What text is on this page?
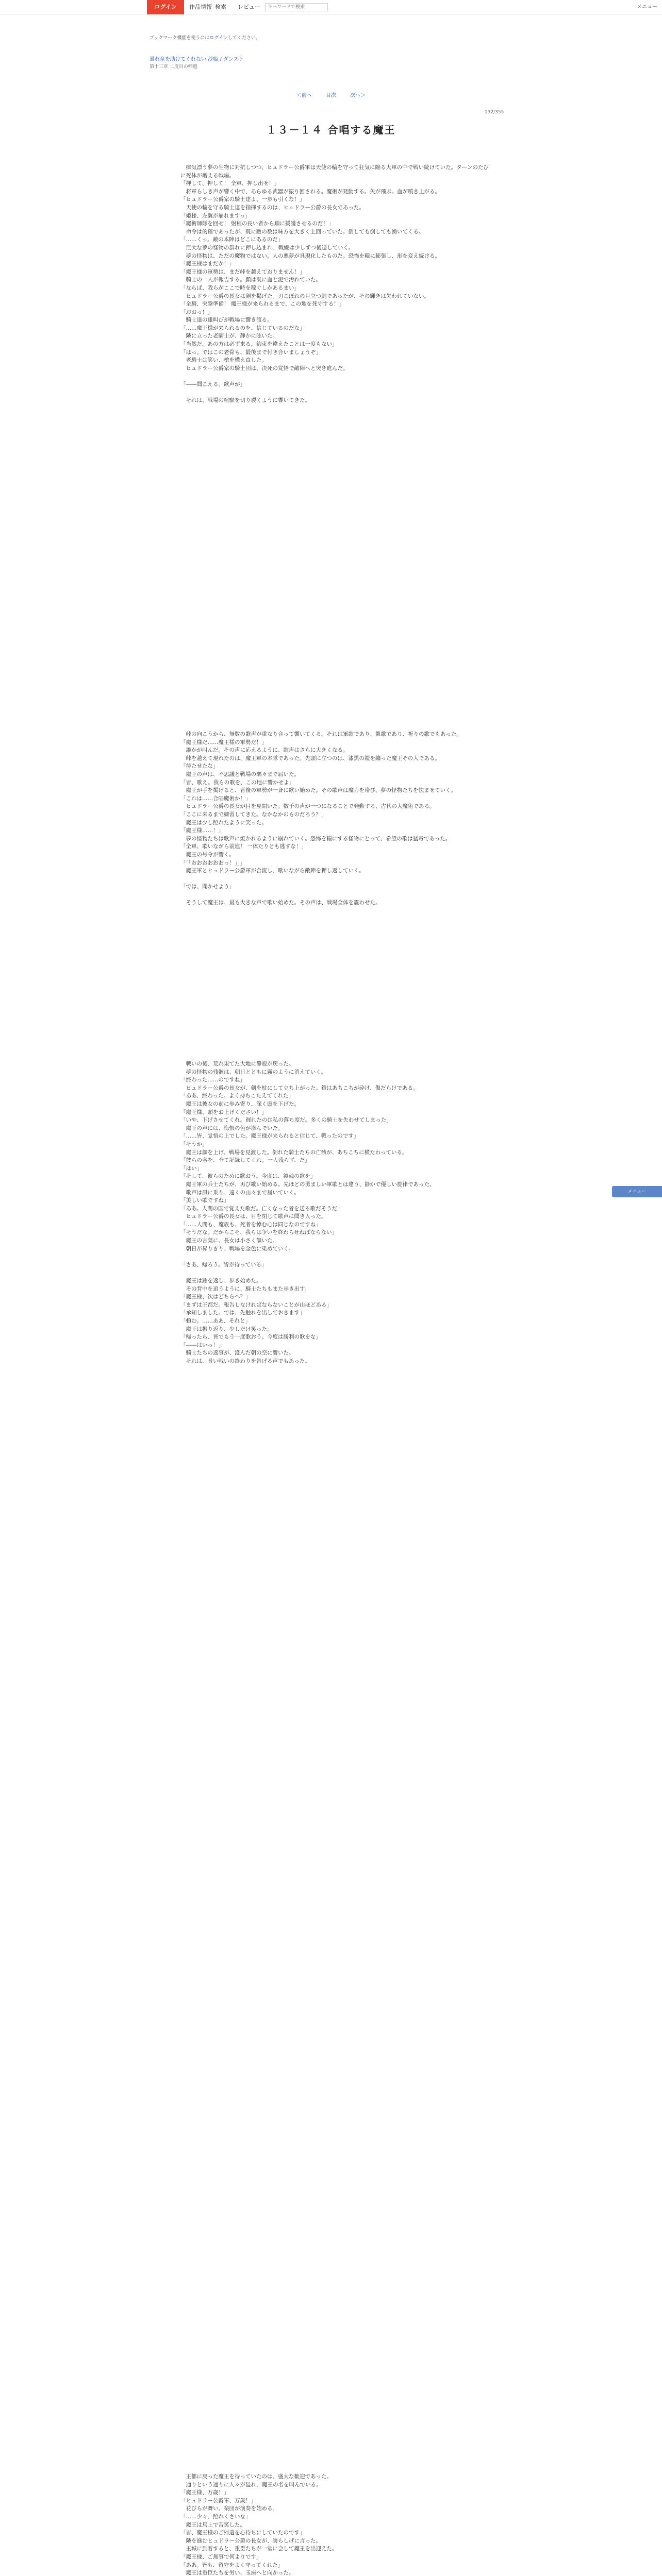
ログイン	作品情報 検索 レビュー
キーワードで検索	メニュー
ブックマーク機能を使うにはログインしてください。
暴れ竜を助けてくれない 沙姫 / ダンスト
第十三章 二度目の帰還
＜前へ	目次	次へ＞
132/355
１３－１４ 合唱する魔王

　瘴気漂う夢の生物に対抗しつつ、ヒュドラー公爵軍は天使の輪を守って狂気に陥る大軍の中で戦い続けていた。ターンのたびに死体が増える戦場。

「押して、押して！ 全軍、押し出せ！」

　将軍らしき声が響く中で、あらゆる武器が振り回される。魔術が発動する。矢が飛ぶ。血が噴き上がる。

「ヒュドラー公爵家の騎士達よ、一歩も引くな！」

　天使の輪を守る騎士達を指揮するのは、ヒュドラー公爵の長女であった。

「姫様、左翼が崩れますっ」

「魔術師隊を回せ！ 射程の長い者から順に援護させるのだ！」

　命令は的確であったが、既に敵の数は味方を大きく上回っていた。倒しても倒しても湧いてくる。

「……くっ。敵の本陣はどこにあるのだ」

　巨大な夢の怪物の群れに押し込まれ、戦線は少しずつ後退していく。

　夢の怪物は、ただの魔物ではない。人の悪夢が具現化したものだ。恐怖を糧に膨張し、形を変え続ける。

「魔王様はまだか！」

「魔王様の軍勢は、まだ峠を越えておりません！」

　騎士の一人が報告する。顔は既に血と泥で汚れていた。

「ならば、我らがここで時を稼ぐしかあるまい」

　ヒュドラー公爵の長女は剣を掲げた。刃こぼれの目立つ剣であったが、その輝きは失われていない。

「全騎、突撃準備！ 魔王様が来られるまで、この地を死守する！」

「おおっ！」

　騎士達の雄叫びが戦場に響き渡る。

「……魔王様が来られるのを、信じているのだな」

　隣に立った老騎士が、静かに呟いた。

「当然だ。あの方は必ず来る。約束を違えたことは一度もない」

「はっ。ではこの老骨も、最後まで付き合いましょうぞ」

　老騎士は笑い、槍を構え直した。

　ヒュドラー公爵家の騎士団は、決死の覚悟で敵陣へと突き進んだ。

「――聞こえる。歌声が」

　それは、戦場の喧騒を切り裂くように響いてきた。

　峠の向こうから、無数の歌声が重なり合って響いてくる。それは軍歌であり、凱歌であり、祈りの歌でもあった。

「魔王様だ……魔王様の軍勢だ！」

　誰かが叫んだ。その声に応えるように、歌声はさらに大きくなる。

　峠を越えて現れたのは、魔王軍の本隊であった。先頭に立つのは、漆黒の鎧を纏った魔王その人である。

「待たせたな」

　魔王の声は、不思議と戦場の隅々まで届いた。

「皆、歌え。我らの歌を、この地に響かせよ」

　魔王が手を掲げると、背後の軍勢が一斉に歌い始めた。その歌声は魔力を帯び、夢の怪物たちを怯ませていく。

「これは……合唱魔術か！」

　ヒュドラー公爵の長女が目を見開いた。数千の声が一つになることで発動する、古代の大魔術である。

「ここに来るまで練習してきた。なかなかのものだろう？」

　魔王は少し照れたように笑った。

「魔王様……！」

　夢の怪物たちは歌声に焼かれるように崩れていく。恐怖を糧にする怪物にとって、希望の歌は猛毒であった。

「全軍、歌いながら前進！ 一体たりとも逃すな！」

　魔王の号令が響く。

「「「おおおおおおっ！」」」

　魔王軍とヒュドラー公爵軍が合流し、歌いながら敵陣を押し返していく。

「では、聞かせよう」

　そうして魔王は、最も大きな声で歌い始めた。その声は、戦場全体を震わせた。

　戦いの後、荒れ果てた大地に静寂が戻った。

　夢の怪物の残骸は、朝日とともに霧のように消えていく。

「終わった……のですね」

　ヒュドラー公爵の長女が、剣を杖にして立ち上がった。鎧はあちこちが砕け、傷だらけである。

「ああ、終わった。よく持ちこたえてくれた」

　魔王は彼女の前に歩み寄り、深く頭を下げた。

「魔王様、頭をお上げください！」

「いや、下げさせてくれ。遅れたのは私の落ち度だ。多くの騎士を失わせてしまった」

　魔王の声には、悔恨の色が滲んでいた。

「……皆、覚悟の上でした。魔王様が来られると信じて、戦ったのです」

「そうか」

　魔王は顔を上げ、戦場を見渡した。倒れた騎士たちの亡骸が、あちこちに横たわっている。

「彼らの名を、全て記録してくれ。一人残らず、だ」

「はい」

「そして、彼らのために歌おう。今度は、鎮魂の歌を」

　魔王軍の兵士たちが、再び歌い始める。先ほどの勇ましい軍歌とは違う、静かで優しい旋律であった。

　歌声は風に乗り、遠くの山々まで届いていく。

「美しい歌ですね」

「ああ。人間の国で覚えた歌だ。亡くなった者を送る歌だそうだ」

　ヒュドラー公爵の長女は、目を閉じて歌声に聞き入った。

「……人間も、魔族も、死者を悼む心は同じなのですね」

「そうだな。だからこそ、我らは争いを終わらせねばならない」

　魔王の言葉に、長女は小さく頷いた。

　朝日が昇りきり、戦場を金色に染めていく。

「さあ、帰ろう。皆が待っている」

　魔王は踵を返し、歩き始めた。

　その背中を追うように、騎士たちもまた歩き出す。

「魔王様、次はどちらへ？」

「まずは王都だ。報告しなければならないことが山ほどある」

「承知しました。では、先触れを出しておきます」

「頼む。……ああ、それと」

　魔王は振り返り、少しだけ笑った。

「帰ったら、皆でもう一度歌おう。今度は勝利の歌をな」

「――はいっ！」

　騎士たちの返事が、澄んだ朝の空に響いた。

　それは、長い戦いの終わりを告げる声でもあった。

　王都に戻った魔王を待っていたのは、盛大な歓迎であった。

　通りという通りに人々が溢れ、魔王の名を叫んでいる。

「魔王様、万歳！」

「ヒュドラー公爵軍、万歳！」

　花びらが舞い、楽団が演奏を始める。

「……少々、照れくさいな」

　魔王は馬上で苦笑した。

「皆、魔王様のご帰還を心待ちにしていたのです」

　隣を進むヒュドラー公爵の長女が、誇らしげに言った。

　王城に到着すると、重臣たちが一堂に会して魔王を出迎えた。

「魔王様、ご無事で何よりです」

「ああ。皆も、留守をよく守ってくれた」

　魔王は重臣たちを労い、玉座へと向かった。

メニュー
